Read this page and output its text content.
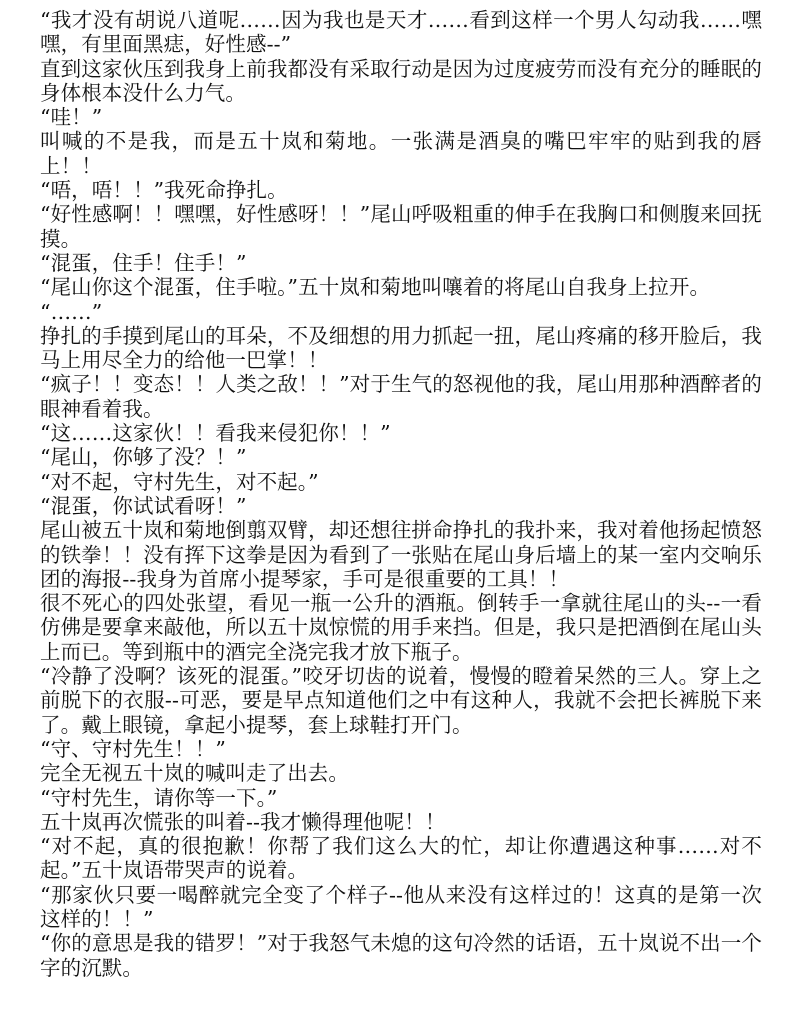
“我才没有胡说八道呢……因为我也是天才……看到这样一个男人勾动我……嘿嘿，有里面黑痣，好性感--”

直到这家伙压到我身上前我都没有采取行动是因为过度疲劳而没有充分的睡眠的身体根本没什么力气。

“哇！”

叫喊的不是我，而是五十岚和菊地。一张满是酒臭的嘴巴牢牢的贴到我的唇上！！

“唔，唔！！”我死命挣扎。

“好性感啊！！嘿嘿，好性感呀！！”尾山呼吸粗重的伸手在我胸口和侧腹来回抚摸。

“混蛋，住手！住手！”

“尾山你这个混蛋，住手啦。”五十岚和菊地叫嚷着的将尾山自我身上拉开。

“……”

挣扎的手摸到尾山的耳朵，不及细想的用力抓起一扭，尾山疼痛的移开脸后，我马上用尽全力的给他一巴掌！！

“疯子！！变态！！人类之敌！！”对于生气的怒视他的我，尾山用那种酒醉者的眼神看着我。

“这……这家伙！！看我来侵犯你！！”

“尾山，你够了没？！”

“对不起，守村先生，对不起。”

“混蛋，你试试看呀！”

尾山被五十岚和菊地倒翦双臂，却还想往拼命挣扎的我扑来，我对着他扬起愤怒的铁拳！！没有挥下这拳是因为看到了一张贴在尾山身后墙上的某一室内交响乐团的海报--我身为首席小提琴家，手可是很重要的工具！！

很不死心的四处张望，看见一瓶一公升的酒瓶。倒转手一拿就往尾山的头--一看仿佛是要拿来敲他，所以五十岚惊慌的用手来挡。但是，我只是把酒倒在尾山头上而已。等到瓶中的酒完全浇完我才放下瓶子。

“冷静了没啊？该死的混蛋。”咬牙切齿的说着，慢慢的瞪着呆然的三人。穿上之前脱下的衣服--可恶，要是早点知道他们之中有这种人，我就不会把长裤脱下来了。戴上眼镜，拿起小提琴，套上球鞋打开门。

“守、守村先生！！”

完全无视五十岚的喊叫走了出去。

“守村先生，请你等一下。”

五十岚再次慌张的叫着--我才懒得理他呢！！

“对不起，真的很抱歉！你帮了我们这么大的忙，却让你遭遇这种事……对不起。”五十岚语带哭声的说着。

“那家伙只要一喝醉就完全变了个样子--他从来没有这样过的！这真的是第一次这样的！！”

“你的意思是我的错罗！”对于我怒气未熄的这句冷然的话语，五十岚说不出一个字的沉默。
